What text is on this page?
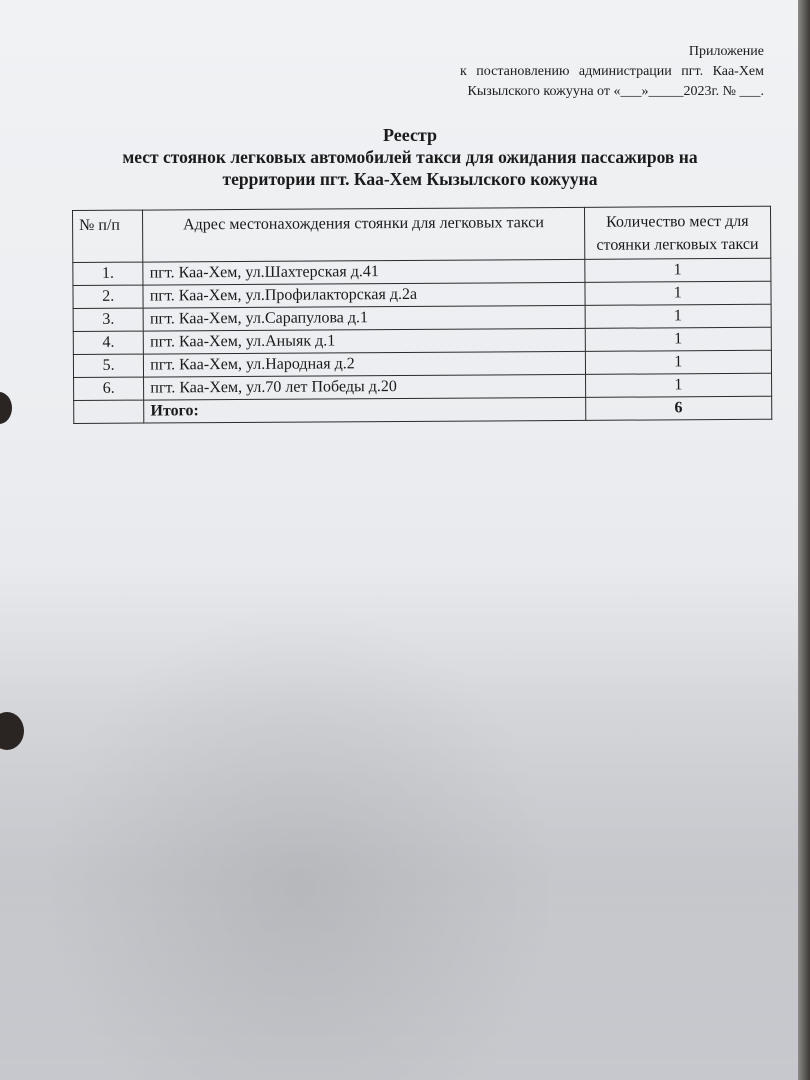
Приложение
к постановлению администрации пгт. Каа-Хем
Кызылского кожууна от «___»_____2023г. № ___.
Реестр
мест стоянок легковых автомобилей такси для ожидания пассажиров на
территории пгт. Каа-Хем Кызылского кожууна
№ п/п	Адрес местонахождения стоянки для легковых такси	Количество мест для стоянки легковых такси
1.	пгт. Каа-Хем, ул.Шахтерская д.41	1
2.	пгт. Каа-Хем, ул.Профилакторская д.2а	1
3.	пгт. Каа-Хем, ул.Сарапулова д.1	1
4.	пгт. Каа-Хем, ул.Аныяк д.1	1
5.	пгт. Каа-Хем, ул.Народная д.2	1
6.	пгт. Каа-Хем, ул.70 лет Победы д.20	1
	Итого:	6
